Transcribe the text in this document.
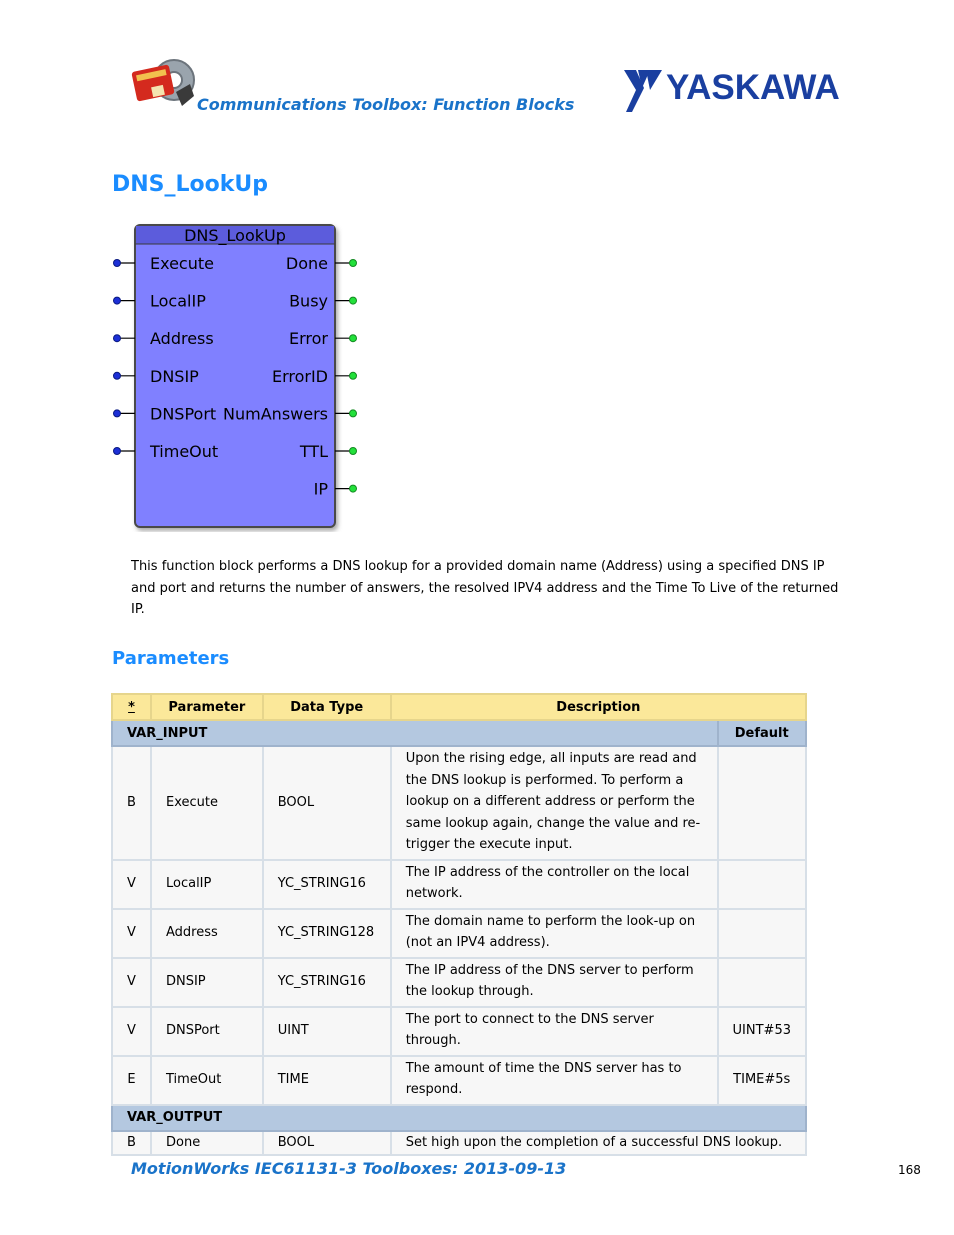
Communications Toolbox: Function Blocks	YASKAWA
DNS_LookUp
DNS_LookUp
Execute
LocalIP
Address
DNSIP
DNSPort
TimeOut
Done
Busy
Error
ErrorID
NumAnswers
TTL
IP
This function block performs a DNS lookup for a provided domain name (Address) using a specified DNS IP and port and returns the number of answers, the resolved IPV4 address and the Time To Live of the returned IP.
Parameters
*	Parameter	Data Type	Description	
VAR_INPUT				Default
B	Execute	BOOL	Upon the rising edge, all inputs are read and the DNS lookup is performed. To perform a lookup on a different address or perform the same lookup again, change the value and re-trigger the execute input.	
V	LocalIP	YC_STRING16	The IP address of the controller on the local network.	
V	Address	YC_STRING128	The domain name to perform the look-up on (not an IPV4 address).	
V	DNSIP	YC_STRING16	The IP address of the DNS server to perform the lookup through.	
V	DNSPort	UINT	The port to connect to the DNS server through.	UINT#53
E	TimeOut	TIME	The amount of time the DNS server has to respond.	TIME#5s
VAR_OUTPUT				
B	Done	BOOL	Set high upon the completion of a successful DNS lookup.	
MotionWorks IEC61131-3 Toolboxes: 2013-09-13	168
